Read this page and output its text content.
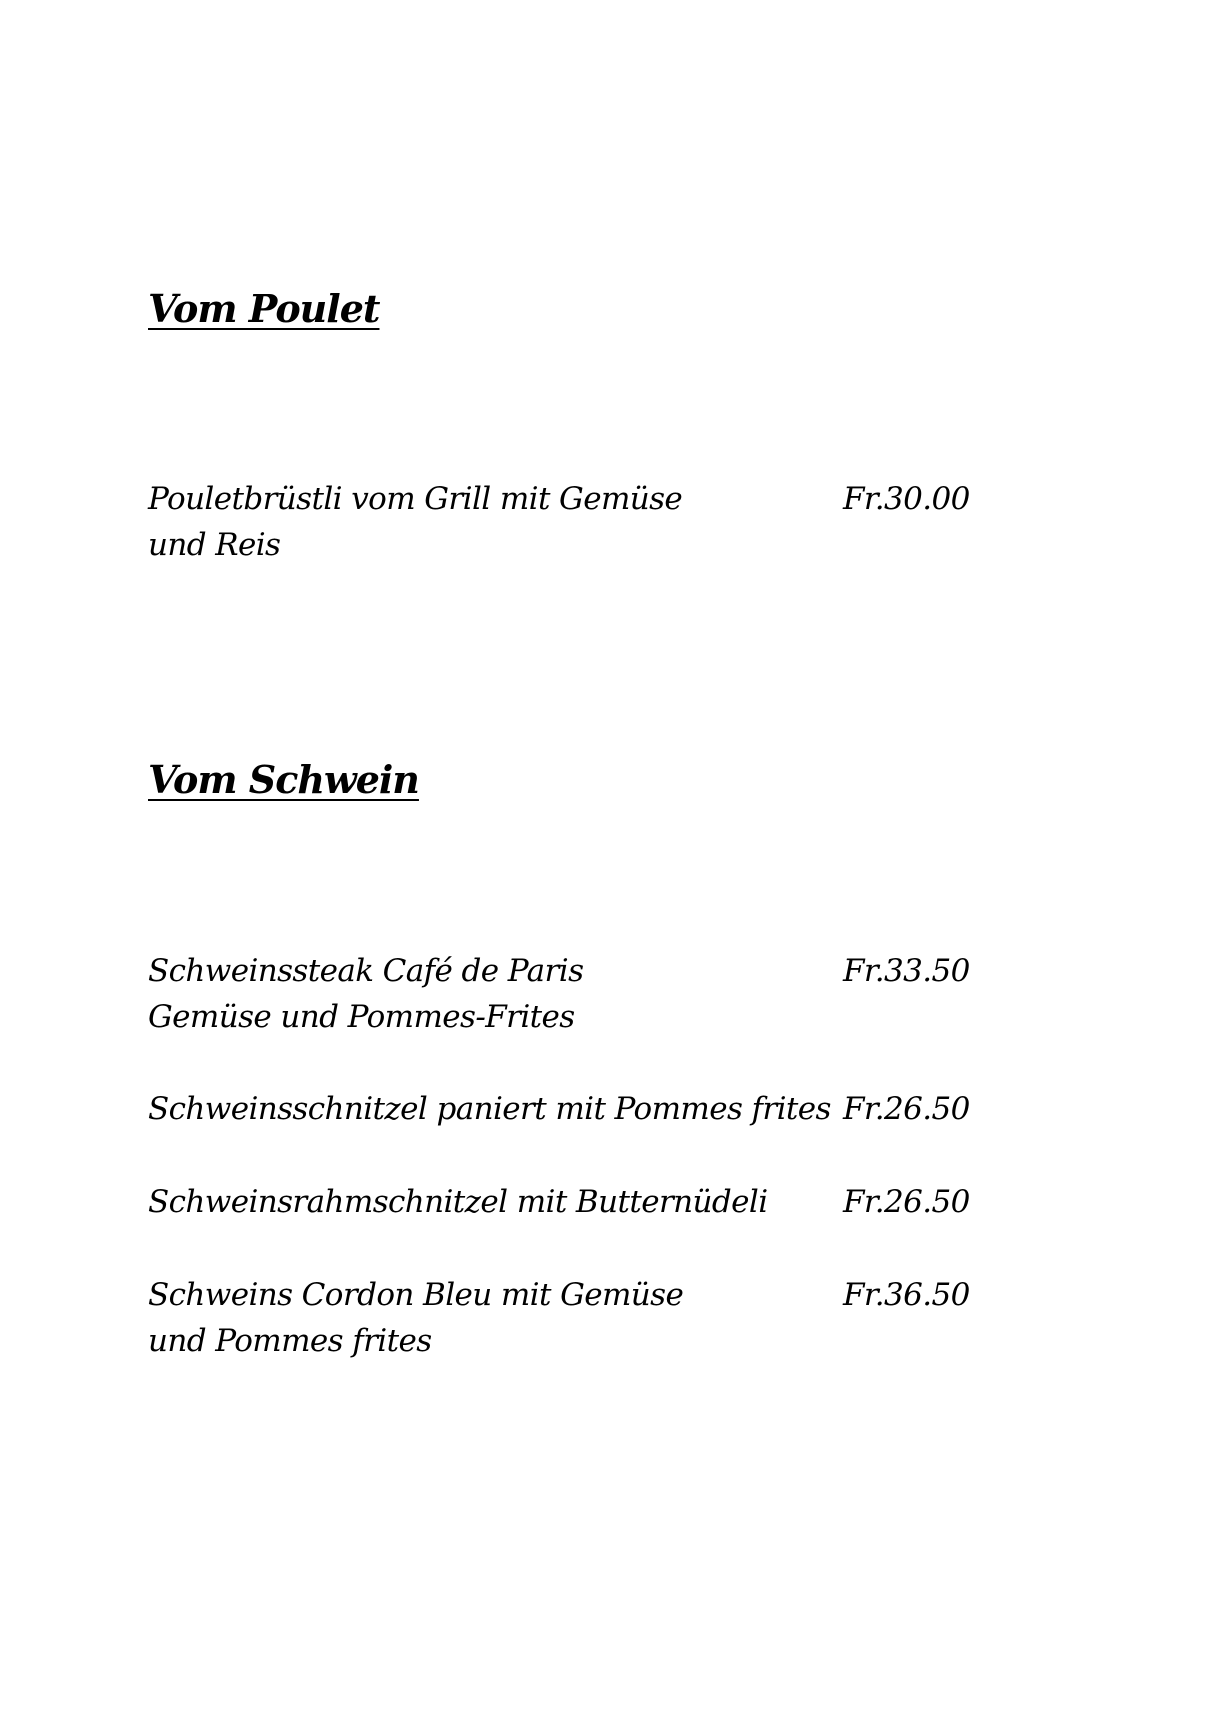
Vom Poulet
Pouletbrüstli vom Grill mit Gemüse
und Reis
Fr.30.00
Vom Schwein
Schweinssteak Café de Paris
Gemüse und Pommes-Frites
Fr.33.50
Schweinsschnitzel paniert mit Pommes frites Fr.26.50
Schweinsrahmschnitzel mit Butternüdeli Fr.26.50
Schweins Cordon Bleu mit Gemüse
und Pommes frites
Fr.36.50
